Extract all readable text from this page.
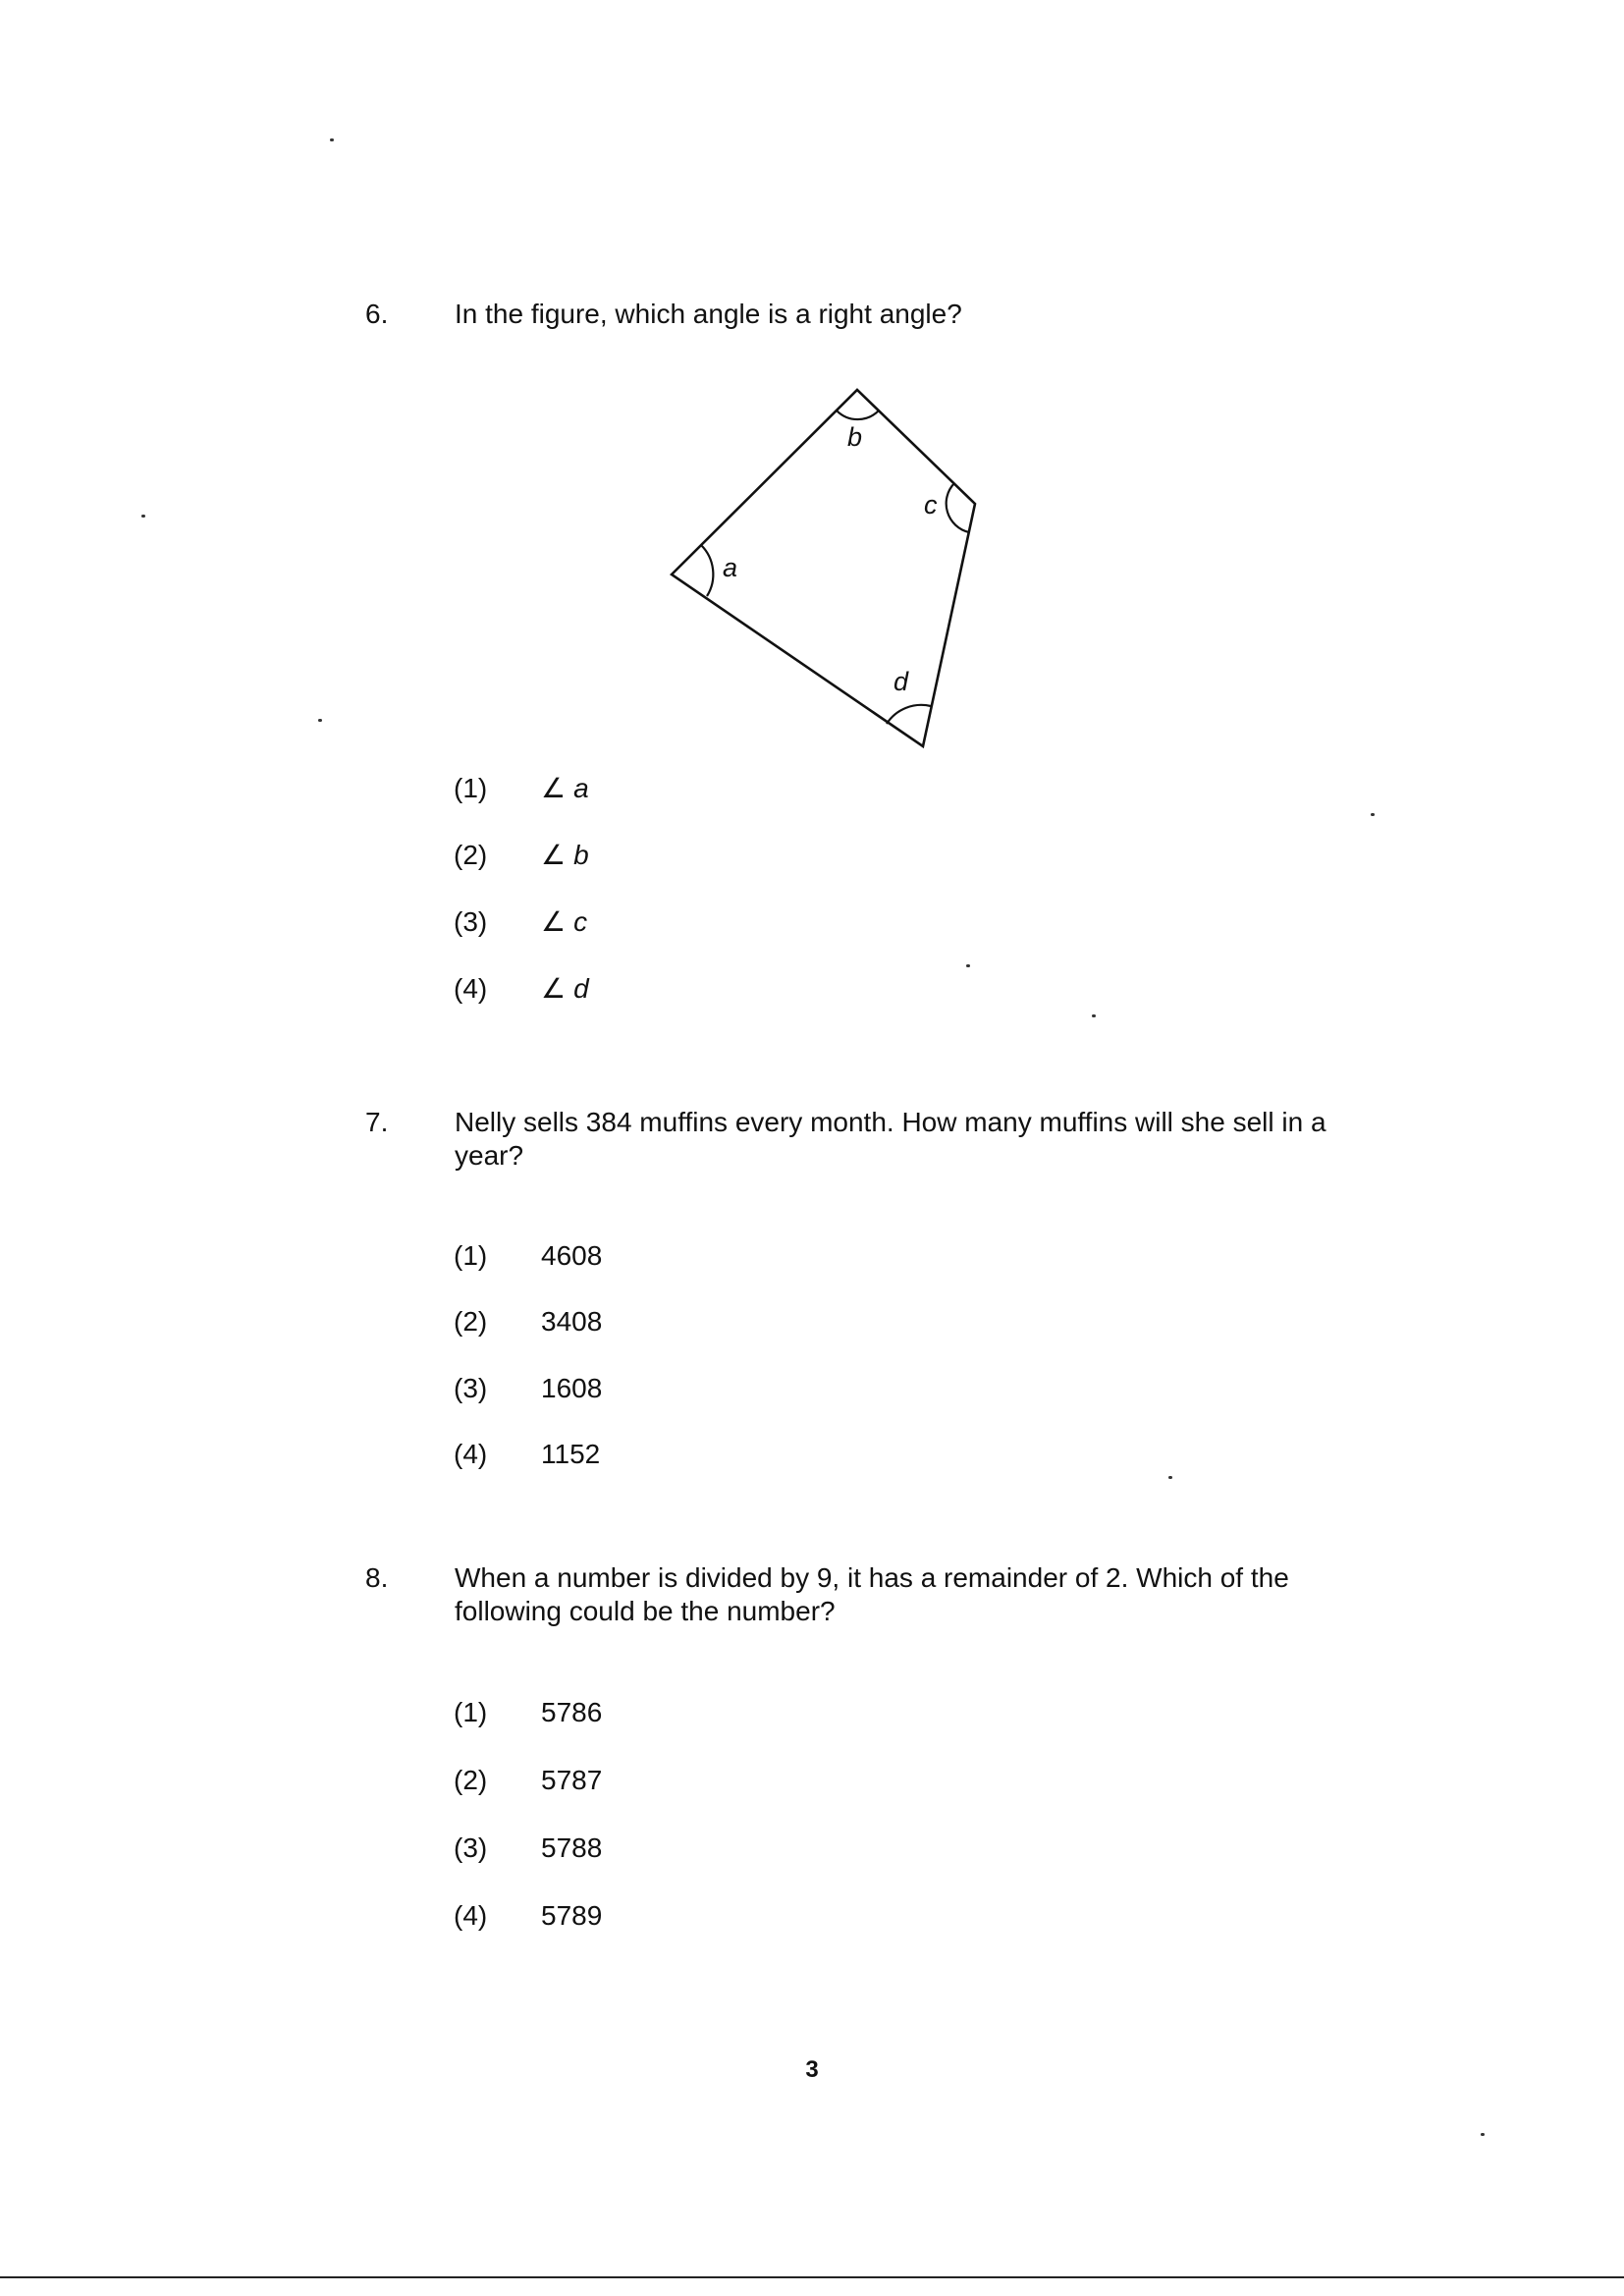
6. In the figure, which angle is a right angle?
a
b
c
d
(1)	∠ a
(2)	∠ b
(3)	∠ c
(4)	∠ d
7. Nelly sells 384 muffins every month. How many muffins will she sell in a year?
(1)	4608
(2)	3408
(3)	1608
(4)	1152
8. When a number is divided by 9, it has a remainder of 2. Which of the following could be the number?
(1)	5786
(2)	5787
(3)	5788
(4)	5789
3
